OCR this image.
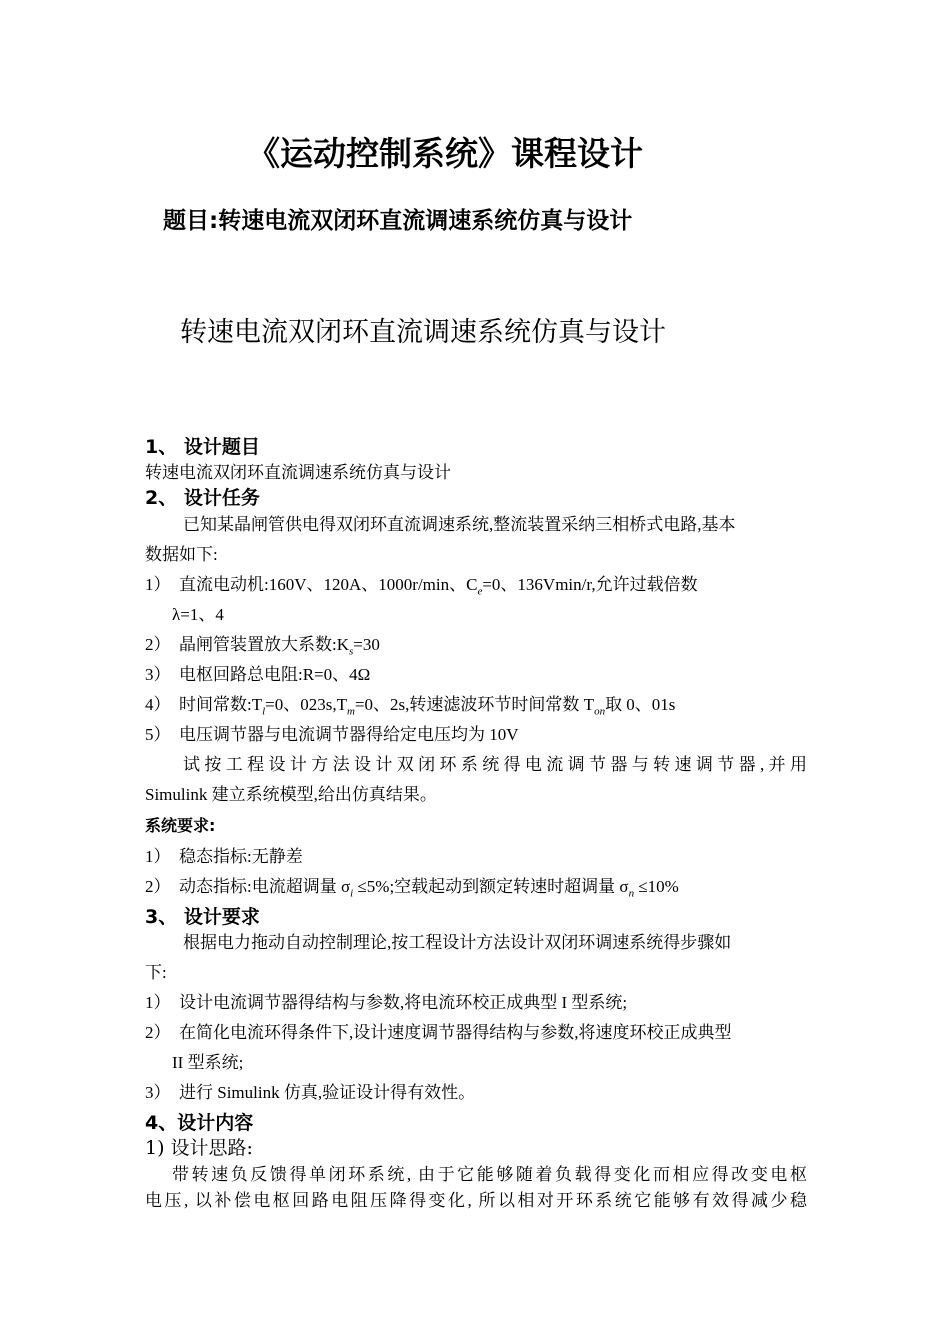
《运动控制系统》课程设计
题目:转速电流双闭环直流调速系统仿真与设计
转速电流双闭环直流调速系统仿真与设计
1、 设计题目
转速电流双闭环直流调速系统仿真与设计
2、 设计任务
已知某晶闸管供电得双闭环直流调速系统,整流装置采纳三相桥式电路,基本
数据如下:
1） 直流电动机:160V、120A、1000r/min、$C_e=0$、136Vmin/r,允许过载倍数
λ=1、4
2） 晶闸管装置放大系数$:K_s=30$
3） 电枢回路总电阻:R=0、4Ω
4） 时间常数$:T_l=0$、$023s,T_m=0$、2s,转速滤波环节时间常数 $T_{on}$取 0、01s
5） 电压调节器与电流调节器得给定电压均为 10V
试按工程设计方法设计双闭环系统得电流调节器与转速调节器,并用
Simulink 建立系统模型,给出仿真结果。
系统要求:
1） 稳态指标:无静差
2） 动态指标:电流超调量 $\sigma_i \le 5\%$;空载起动到额定转速时超调量 $\sigma_n \le 10\%$
3、 设计要求
根据电力拖动自动控制理论,按工程设计方法设计双闭环调速系统得步骤如
下:
1） 设计电流调节器得结构与参数,将电流环校正成典型 I 型系统;
2） 在简化电流环得条件下,设计速度调节器得结构与参数,将速度环校正成典型
II 型系统;
3） 进行 Simulink 仿真,验证设计得有效性。
4、设计内容
1) 设计思路:
带转速负反馈得单闭环系统, 由于它能够随着负载得变化而相应得改变电枢
电压, 以补偿电枢回路电阻压降得变化, 所以相对开环系统它能够有效得减少稳
